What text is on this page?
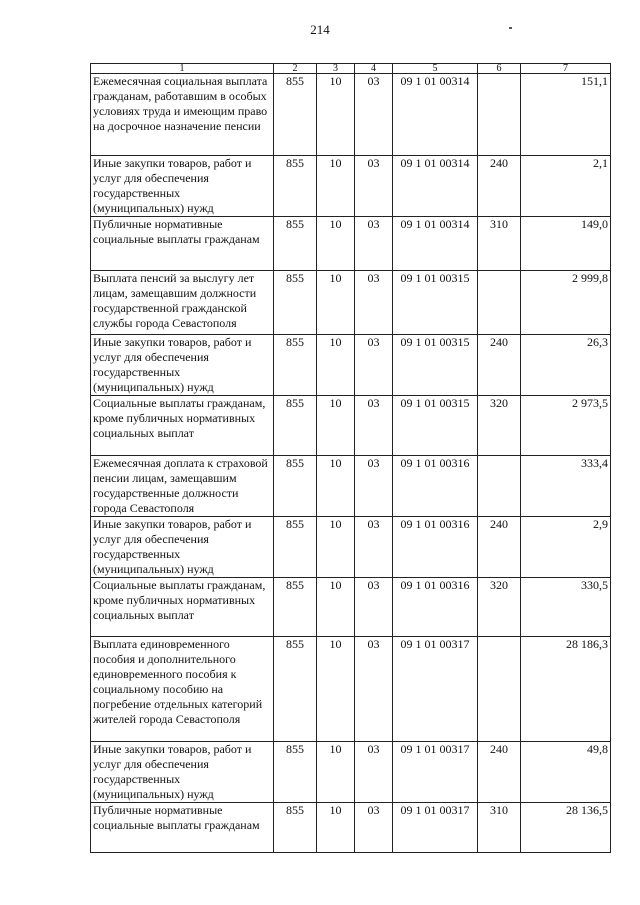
214
1	2	3	4	5	6	7
Ежемесячная социальная выплата гражданам, работавшим в особых условиях труда и имеющим право на досрочное назначение пенсии	855	10	03	09 1 01 00314		151,1
Иные закупки товаров, работ и услуг для обеспечения государственных (муниципальных) нужд	855	10	03	09 1 01 00314	240	2,1
Публичные нормативные социальные выплаты гражданам	855	10	03	09 1 01 00314	310	149,0
Выплата пенсий за выслугу лет лицам, замещавшим должности государственной гражданской службы города Севастополя	855	10	03	09 1 01 00315		2 999,8
Иные закупки товаров, работ и услуг для обеспечения государственных (муниципальных) нужд	855	10	03	09 1 01 00315	240	26,3
Социальные выплаты гражданам, кроме публичных нормативных социальных выплат	855	10	03	09 1 01 00315	320	2 973,5
Ежемесячная доплата к страховой пенсии лицам, замещавшим государственные должности города Севастополя	855	10	03	09 1 01 00316		333,4
Иные закупки товаров, работ и услуг для обеспечения государственных (муниципальных) нужд	855	10	03	09 1 01 00316	240	2,9
Социальные выплаты гражданам, кроме публичных нормативных социальных выплат	855	10	03	09 1 01 00316	320	330,5
Выплата единовременного пособия и дополнительного единовременного пособия к социальному пособию на погребение отдельных категорий жителей города Севастополя	855	10	03	09 1 01 00317		28 186,3
Иные закупки товаров, работ и услуг для обеспечения государственных (муниципальных) нужд	855	10	03	09 1 01 00317	240	49,8
Публичные нормативные социальные выплаты гражданам	855	10	03	09 1 01 00317	310	28 136,5
